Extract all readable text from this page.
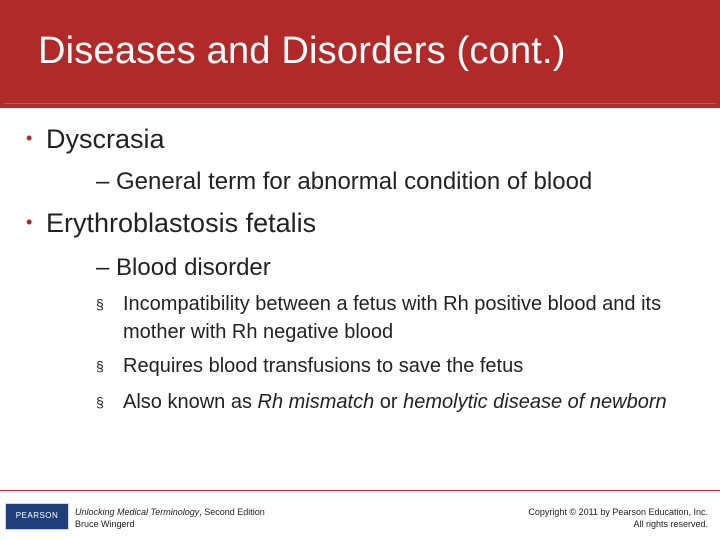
Diseases and Disorders (cont.)
• Dyscrasia
– General term for abnormal condition of blood
• Erythroblastosis fetalis
– Blood disorder
§ Incompatibility between a fetus with Rh positive blood and its mother with Rh negative blood
§ Requires blood transfusions to save the fetus
§ Also known as Rh mismatch or hemolytic disease of newborn
PEARSON	Unlocking Medical Terminology, Second Edition
Bruce Wingerd
Copyright © 2011 by Pearson Education, Inc.
All rights reserved.
